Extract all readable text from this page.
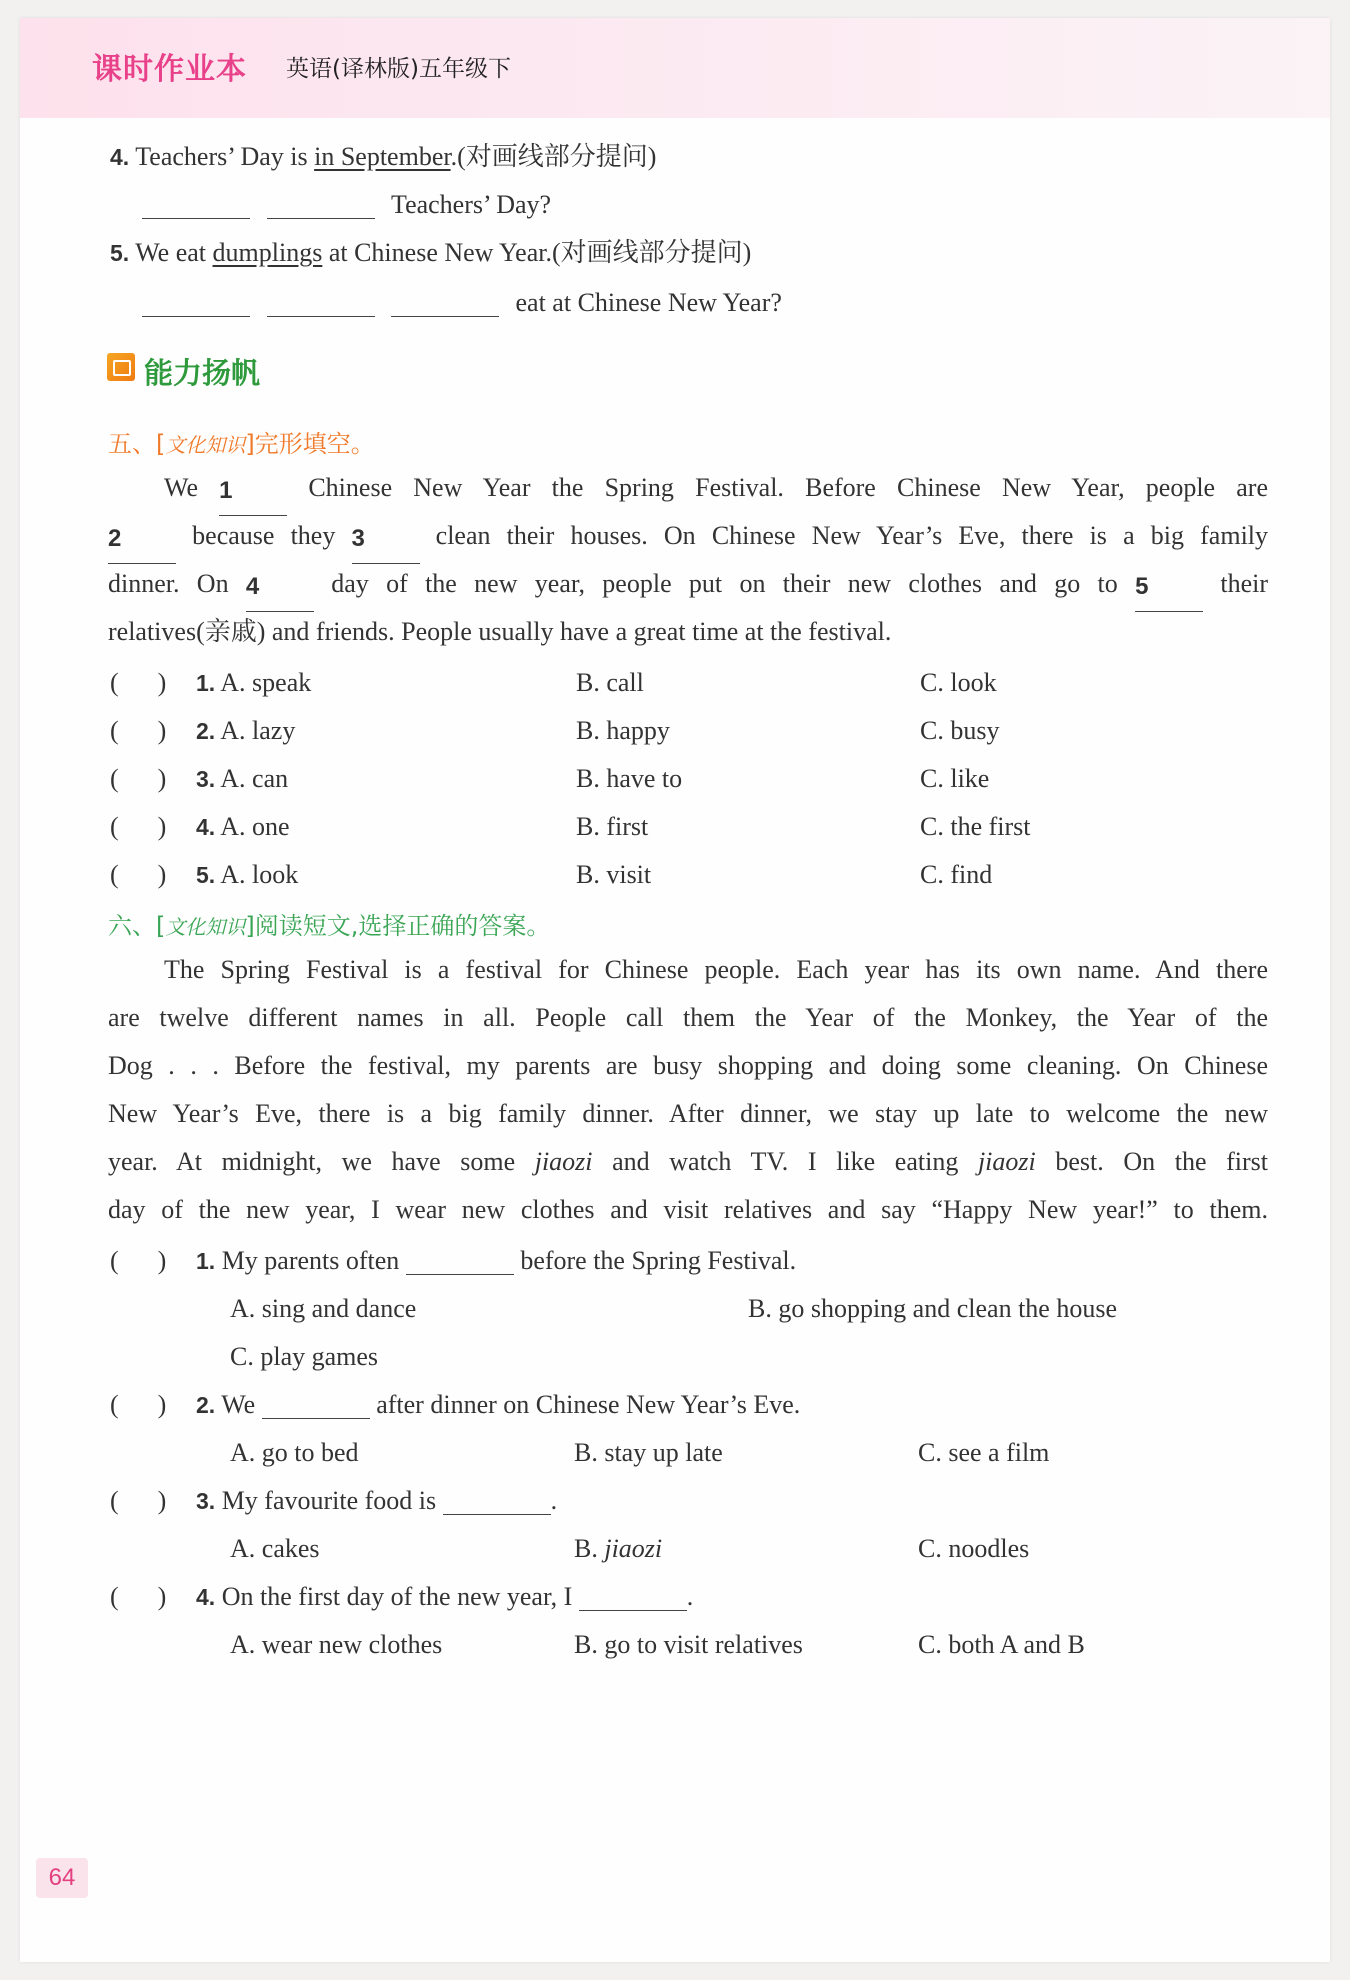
课时作业本 英语(译林版)五年级下
4. Teachers’ Day is in September.(对画线部分提问)
Teachers’ Day?
5. We eat dumplings at Chinese New Year.(对画线部分提问)
eat at Chinese New Year?
能力扬帆
五、[文化知识]完形填空。
We 1	Chinese New Year the Spring Festival. Before Chinese New Year, people are
2	because they 3	clean their houses. On Chinese New Year’s Eve, there is a big family
dinner. On 4	day of the new year, people put on their new clothes and go to 5	their
relatives(亲戚) and friends. People usually have a great time at the festival.
(      ) 1. A. speak	B. call	C. look
(      ) 2. A. lazy	B. happy	C. busy
(      ) 3. A. can	B. have to	C. like
(      ) 4. A. one	B. first	C. the first
(      ) 5. A. look	B. visit	C. find
六、[文化知识]阅读短文,选择正确的答案。
The Spring Festival is a festival for Chinese people. Each year has its own name. And there
are twelve different names in all. People call them the Year of the Monkey, the Year of the
Dog . . . Before the festival, my parents are busy shopping and doing some cleaning. On Chinese
New Year’s Eve, there is a big family dinner. After dinner, we stay up late to welcome the new
year. At midnight, we have some jiaozi and watch TV. I like eating jiaozi best. On the first
day of the new year, I wear new clothes and visit relatives and say “Happy New year!” to them.
(      ) 1. My parents often	before the Spring Festival.
A. sing and dance	B. go shopping and clean the house
C. play games
(      ) 2. We	after dinner on Chinese New Year’s Eve.
A. go to bed	B. stay up late	C. see a film
(      ) 3. My favourite food is	.
A. cakes	B. jiaozi	C. noodles
(      ) 4. On the first day of the new year, I	.
A. wear new clothes	B. go to visit relatives	C. both A and B
64
